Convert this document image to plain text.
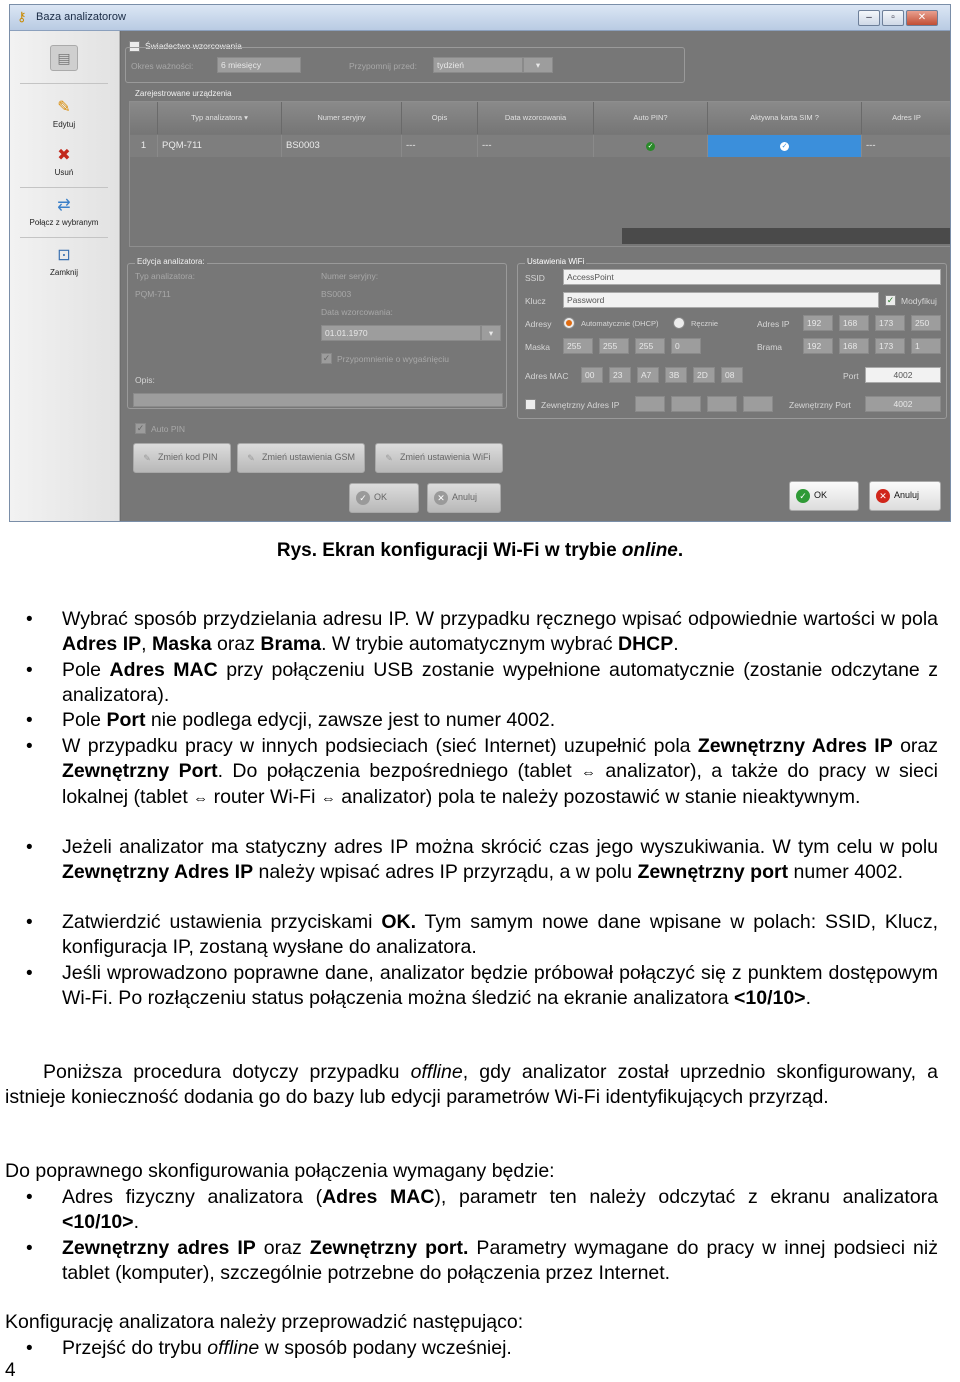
⚷ Baza analizatorow	‒	▫	✕
▤
✎
Edytuj
✖
Usuń
⇄
Połącz z wybranym
⊡
Zamknij
Świadectwo wzorcowania
Okres ważności:	6 miesięcy	Przypomnij przed:	tydzień	▾
Zarejestrowane urządzenia
Typ analizatora ▾	Numer seryjny	Opis	Data wzorcowania	Auto PIN?	Aktywna karta SIM ?	Adres IP
1	PQM-711	BS0003	---	---	✓	✓	---
Edycja analizatora:
Typ analizatora:
PQM-711
Numer seryjny:
BS0003
Data wzorcowania:
01.01.1970	▾
✓ Przypomnienie o wygaśnięciu
Opis:
✓ Auto PIN
✎ Zmień kod PIN	✎ Zmień ustawienia GSM	✎ Zmień ustawienia WiFi
✓ OK	✕ Anuluj
Ustawienia WiFi
SSID	AccessPoint
Klucz	Password	✓ Modyfikuj
Adresy	Automatycznie (DHCP)	Ręcznie	Adres IP	192	168	173	250
Maska	255	255	255	0	Brama	192	168	173	1
Adres MAC	00	23	A7	3B	2D	08	Port	4002
Zewnętrzny Adres IP	Zewnętrzny Port	4002
✓ OK	✕ Anuluj
Rys. Ekran konfiguracji Wi-Fi w trybie online.
• Wybrać sposób przydzielania adresu IP. W przypadku ręcznego wpisać odpowiednie wartości w pola Adres IP, Maska oraz Brama. W trybie automatycznym wybrać DHCP.
• Pole Adres MAC przy połączeniu USB zostanie wypełnione automatycznie (zostanie odczytane z analizatora).
• Pole Port nie podlega edycji, zawsze jest to numer 4002.
• W przypadku pracy w innych podsieciach (sieć Internet) uzupełnić pola Zewnętrzny Adres IP oraz Zewnętrzny Port. Do połączenia bezpośredniego (tablet ⇔ analizator), a także do pracy w sieci lokalnej (tablet ⇔ router Wi-Fi ⇔ analizator) pola te należy pozostawić w stanie nieaktywnym.
• Jeżeli analizator ma statyczny adres IP można skrócić czas jego wyszukiwania. W tym celu w polu Zewnętrzny Adres IP należy wpisać adres IP przyrządu, a w polu Zewnętrzny port numer 4002.
• Zatwierdzić ustawienia przyciskami OK. Tym samym nowe dane wpisane w polach: SSID, Klucz, konfiguracja IP, zostaną wysłane do analizatora.
• Jeśli wprowadzono poprawne dane, analizator będzie próbował połączyć się z punktem dostępowym Wi-Fi. Po rozłączeniu status połączenia można śledzić na ekranie analizatora <10/10>.
Poniższa procedura dotyczy przypadku offline, gdy analizator został uprzednio skonfigurowany, a istnieje konieczność dodania go do bazy lub edycji parametrów Wi-Fi identyfikujących przyrząd.
Do poprawnego skonfigurowania połączenia wymagany będzie:
• Adres fizyczny analizatora (Adres MAC), parametr ten należy odczytać z ekranu analizatora <10/10>.
• Zewnętrzny adres IP oraz Zewnętrzny port. Parametry wymagane do pracy w innej podsieci niż tablet (komputer), szczególnie potrzebne do połączenia przez Internet.
Konfigurację analizatora należy przeprowadzić następująco:
• Przejść do trybu offline w sposób podany wcześniej.
4
